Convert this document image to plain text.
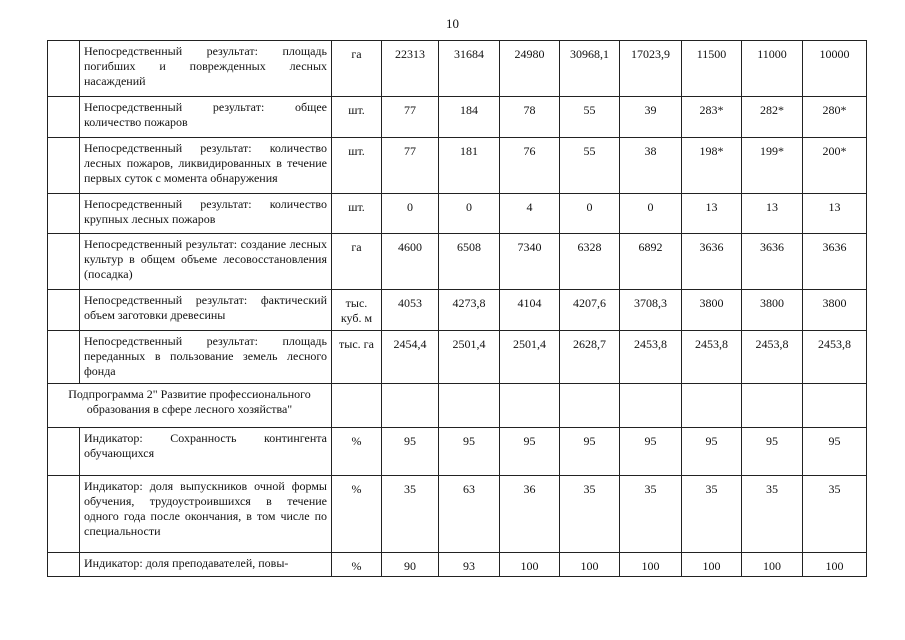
10
	Непосредственный результат: площадь погибших и поврежденных лесных насаждений	га	22313	31684	24980	30968,1	17023,9	11500	11000	10000
	Непосредственный результат: общее количество пожаров	шт.	77	184	78	55	39	283*	282*	280*
	Непосредственный результат: количество лесных пожаров, ликвидированных в течение первых суток с момента обнаружения	шт.	77	181	76	55	38	198*	199*	200*
	Непосредственный результат: количество крупных лесных пожаров	шт.	0	0	4	0	0	13	13	13
	Непосредственный результат: создание лесных культур в общем объеме лесовосстановления (посадка)	га	4600	6508	7340	6328	6892	3636	3636	3636
	Непосредственный результат: фактический объем заготовки древесины	тыс. куб. м	4053	4273,8	4104	4207,6	3708,3	3800	3800	3800
	Непосредственный результат: площадь переданных в пользование земель лесного фонда	тыс. га	2454,4	2501,4	2501,4	2628,7	2453,8	2453,8	2453,8	2453,8
Подпрограмма 2" Развитие профессионального образования в сфере лесного хозяйства"										
	Индикатор: Сохранность контингента обучающихся	%	95	95	95	95	95	95	95	95
	Индикатор: доля выпускников очной формы обучения, трудоустроившихся в течение одного года после окончания, в том числе по специальности	%	35	63	36	35	35	35	35	35
	Индикатор: доля преподавателей, повы-	%	90	93	100	100	100	100	100	100
